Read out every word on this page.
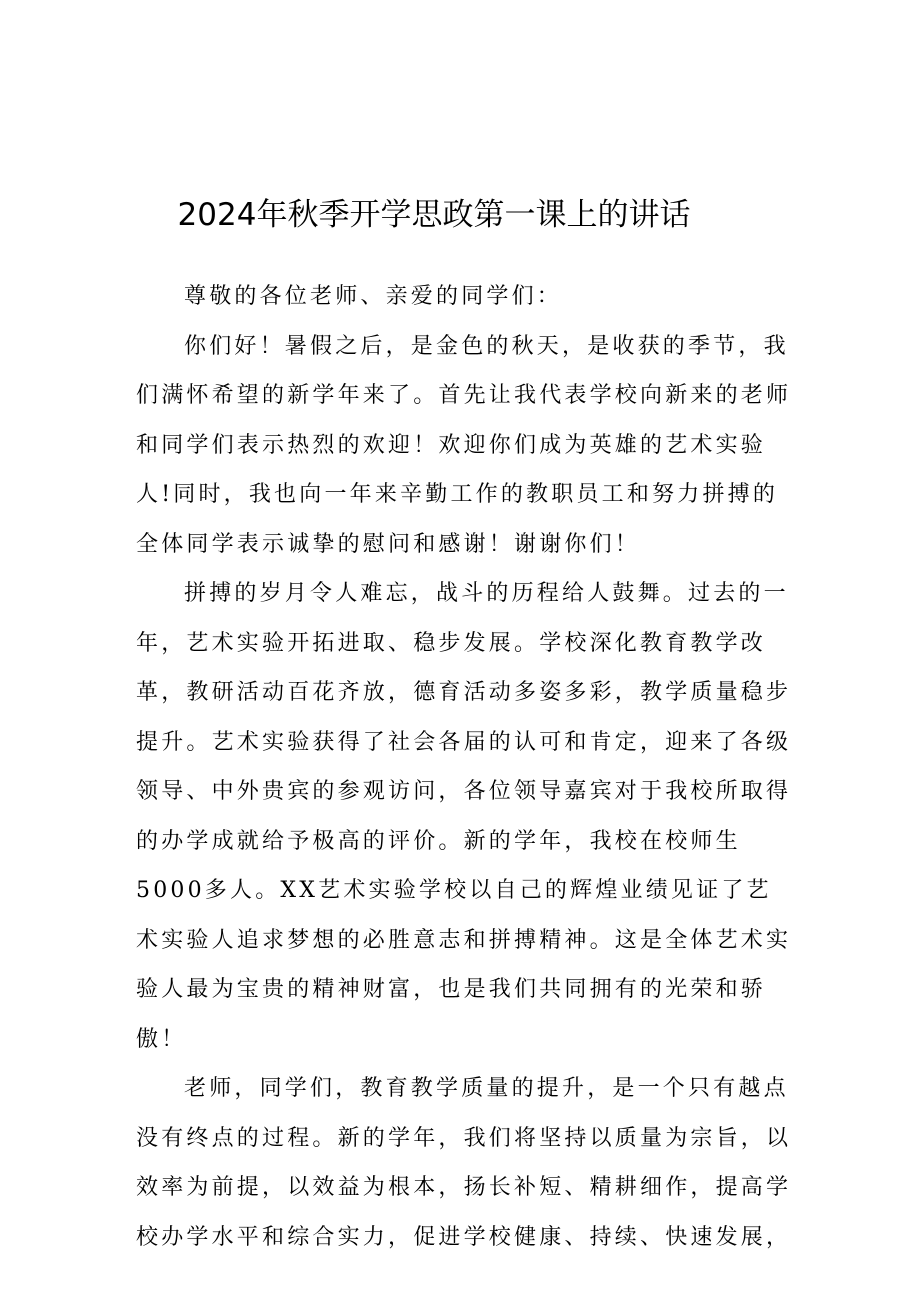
2024年秋季开学思政第一课上的讲话

尊敬的各位老师、亲爱的同学们：

你们好！暑假之后，是金色的秋天，是收获的季节，我们满怀希望的新学年来了。首先让我代表学校向新来的老师和同学们表示热烈的欢迎！欢迎你们成为英雄的艺术实验人!同时，我也向一年来辛勤工作的教职员工和努力拼搏的全体同学表示诚挚的慰问和感谢！谢谢你们！

拼搏的岁月令人难忘，战斗的历程给人鼓舞。过去的一年，艺术实验开拓进取、稳步发展。学校深化教育教学改革，教研活动百花齐放，德育活动多姿多彩，教学质量稳步提升。艺术实验获得了社会各届的认可和肯定，迎来了各级领导、中外贵宾的参观访问，各位领导嘉宾对于我校所取得的办学成就给予极高的评价。新的学年，我校在校师生5000多人。XX艺术实验学校以自己的辉煌业绩见证了艺术实验人追求梦想的必胜意志和拼搏精神。这是全体艺术实验人最为宝贵的精神财富，也是我们共同拥有的光荣和骄傲！

老师，同学们，教育教学质量的提升，是一个只有越点没有终点的过程。新的学年，我们将坚持以质量为宗旨，以效率为前提，以效益为根本，扬长补短、精耕细作，提高学校办学水平和综合实力，促进学校健康、持续、快速发展，
